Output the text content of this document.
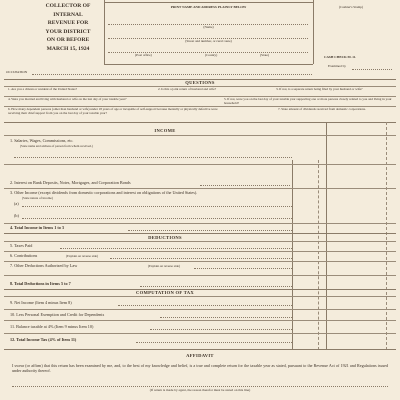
COLLECTOR OF
INTERNAL
REVENUE FOR
YOUR DISTRICT
ON OR BEFORE
MARCH 15, 1924
PRINT NAME AND ADDRESS PLAINLY BELOW	(Cashier's Stamp)
(Name)
(Street and number, or rural route)
(Post office)	(County)	(State)	CASH CHECK M. O.
Examined by
OCCUPATION
QUESTIONS
1. Are you a citizen or resident of the United States?	2. Is this a joint return of husband and wife?	3. If not, is a separate return being filed by your husband or wife?
4. Were you married and living with husband or wife on the last day of your taxable year?	5. If not, were you on the last day of your taxable year supporting one or more persons closely related to you and living in your household?
6. How many dependent persons (other than husband or wife) under 18 years of age or incapable of self-support because mentally or physically defective were receiving their chief support from you on the last day of your taxable year?
7. State amount of dividends received from domestic corporations.
INCOME
1. Salaries, Wages, Commissions, etc.
(State name and address of person from whom received.)
2. Interest on Bank Deposits, Notes, Mortgages, and Corporation Bonds
3. Other Income (except dividends from domestic corporations and interest on obligations of the United States).
(State nature of income)
(a)
(b)
4. Total Income in Items 1 to 3
DEDUCTIONS
5. Taxes Paid
6. Contributions	(Explain on reverse side)
7. Other Deductions Authorized by Law	(Explain on reverse side)
8. Total Deductions in Items 5 to 7
COMPUTATION OF TAX
9. Net Income (Item 4 minus Item 8)
10. Less Personal Exemption and Credit for Dependents
11. Balance taxable at 4% (Item 9 minus Item 10)
12. Total Income Tax (4% of Item 11)
AFFIDAVIT
I swear (or affirm) that this return has been examined by me, and, to the best of my knowledge and belief, is a true and complete return for the taxable year as stated, pursuant to the Revenue Act of 1921 and Regulations issued under authority thereof.
(If return is made by agent, the reason therefor must be stated on this line)
